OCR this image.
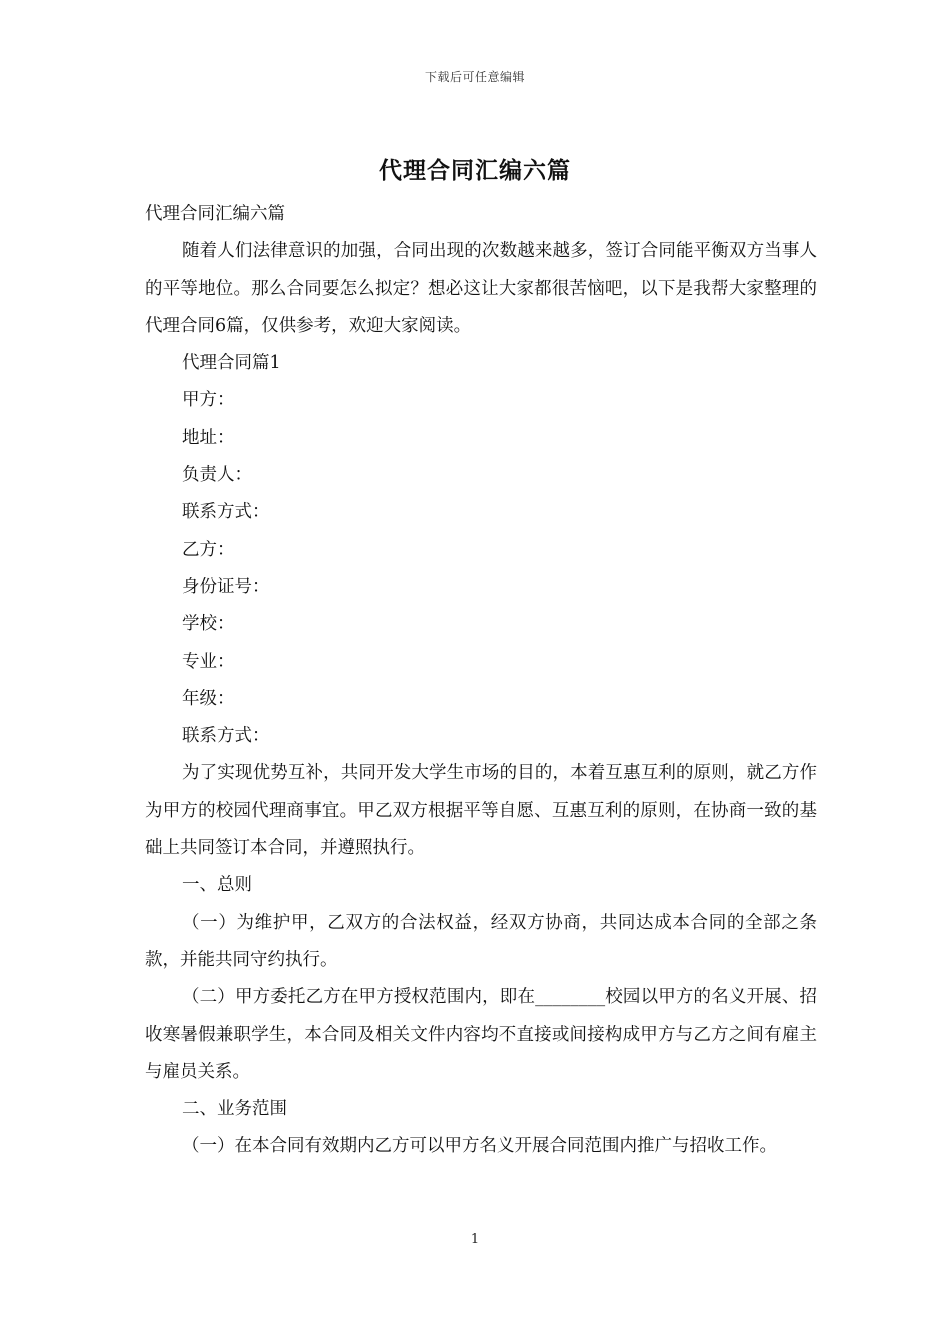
下载后可任意编辑
代理合同汇编六篇

代理合同汇编六篇

随着人们法律意识的加强，合同出现的次数越来越多，签订合同能平衡双方当事人的平等地位。那么合同要怎么拟定？想必这让大家都很苦恼吧，以下是我帮大家整理的代理合同6篇，仅供参考，欢迎大家阅读。

代理合同篇1

甲方：

地址：

负责人：

联系方式：

乙方：

身份证号：

学校：

专业：

年级：

联系方式：

为了实现优势互补，共同开发大学生市场的目的，本着互惠互利的原则，就乙方作为甲方的校园代理商事宜。甲乙双方根据平等自愿、互惠互利的原则，在协商一致的基础上共同签订本合同，并遵照执行。

一、总则

（一）为维护甲，乙双方的合法权益，经双方协商，共同达成本合同的全部之条款，并能共同守约执行。

（二）甲方委托乙方在甲方授权范围内，即在________校园以甲方的名义开展、招收寒暑假兼职学生，本合同及相关文件内容均不直接或间接构成甲方与乙方之间有雇主与雇员关系。

二、业务范围

（一）在本合同有效期内乙方可以甲方名义开展合同范围内推广与招收工作。

1
